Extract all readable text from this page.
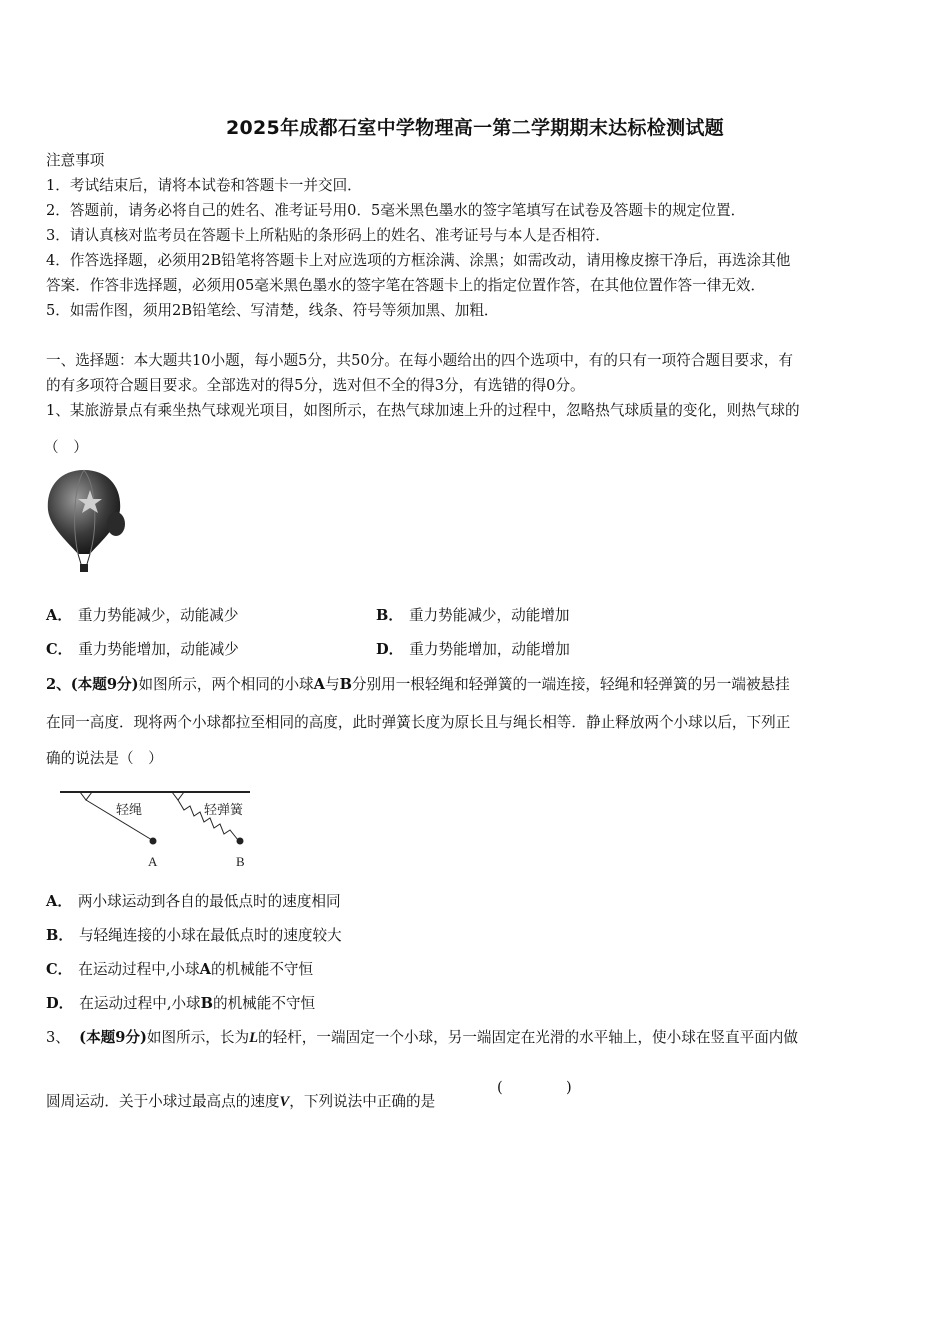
2025年成都石室中学物理高一第二学期期末达标检测试题
注意事项
1．考试结束后，请将本试卷和答题卡一并交回．
2．答题前，请务必将自己的姓名、准考证号用0．5毫米黑色墨水的签字笔填写在试卷及答题卡的规定位置．
3．请认真核对监考员在答题卡上所粘贴的条形码上的姓名、准考证号与本人是否相符．
4．作答选择题，必须用2B铅笔将答题卡上对应选项的方框涂满、涂黑；如需改动，请用橡皮擦干净后，再选涂其他
答案．作答非选择题，必须用05毫米黑色墨水的签字笔在答题卡上的指定位置作答，在其他位置作答一律无效．
5．如需作图，须用2B铅笔绘、写清楚，线条、符号等须加黑、加粗．
一、选择题：本大题共10小题，每小题5分，共50分。在每小题给出的四个选项中，有的只有一项符合题目要求，有
的有多项符合题目要求。全部选对的得5分，选对但不全的得3分，有选错的得0分。
1、某旅游景点有乘坐热气球观光项目，如图所示，在热气球加速上升的过程中，忽略热气球质量的变化，则热气球的
（　）
A． 重力势能减少，动能减少	B． 重力势能减少，动能增加
C． 重力势能增加，动能减少	D． 重力势能增加，动能增加
2、(本题9分)如图所示，两个相同的小球A与B分别用一根轻绳和轻弹簧的一端连接，轻绳和轻弹簧的另一端被悬挂
在同一高度．现将两个小球都拉至相同的高度，此时弹簧长度为原长且与绳长相等．静止释放两个小球以后，下列正
确的说法是（　）
轻绳	轻弹簧
A	B
A． 两小球运动到各自的最低点时的速度相同
B． 与轻绳连接的小球在最低点时的速度较大
C． 在运动过程中,小球A的机械能不守恒
D． 在运动过程中,小球B的机械能不守恒
3、 (本题9分)如图所示，长为L的轻杆，一端固定一个小球，另一端固定在光滑的水平轴上，使小球在竖直平面内做
圆周运动．关于小球过最高点的速度V，下列说法中正确的是
(	)
